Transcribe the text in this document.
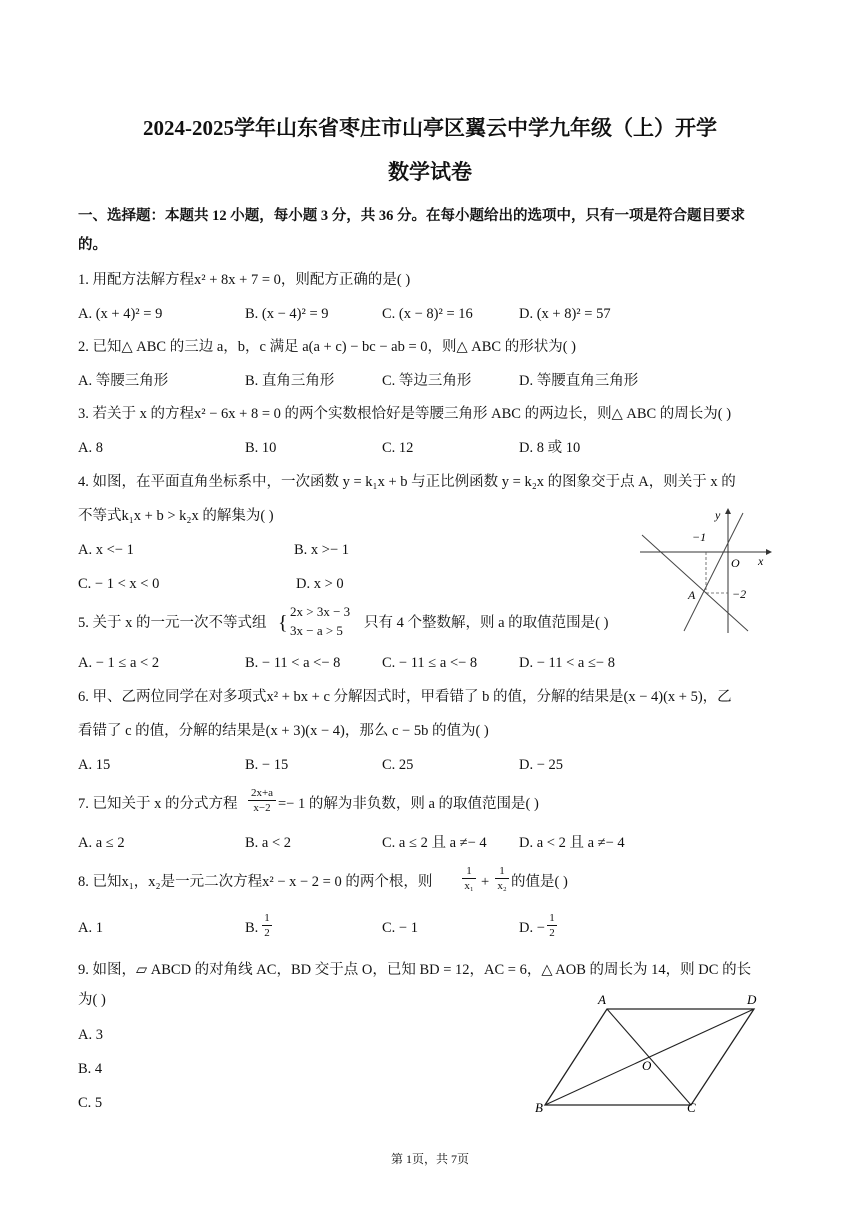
2024-2025学年山东省枣庄市山亭区翼云中学九年级（上）开学
数学试卷
一、选择题：本题共 12 小题，每小题 3 分，共 36 分。在每小题给出的选项中，只有一项是符合题目要求
的。
1. 用配方法解方程x² + 8x + 7 = 0，则配方正确的是( )
A. (x + 4)² = 9	B. (x − 4)² = 9	C. (x − 8)² = 16	D. (x + 8)² = 57
2. 已知△ ABC 的三边 a，b，c 满足 a(a + c) − bc − ab = 0，则△ ABC 的形状为( )
A. 等腰三角形	B. 直角三角形	C. 等边三角形	D. 等腰直角三角形
3. 若关于 x 的方程x² − 6x + 8 = 0 的两个实数根恰好是等腰三角形 ABC 的两边长，则△ ABC 的周长为( )
A. 8	B. 10	C. 12	D. 8 或 10
4. 如图，在平面直角坐标系中，一次函数 y = k₁x + b 与正比例函数 y = k₂x 的图象交于点 A，则关于 x 的
不等式k₁x + b > k₂x 的解集为( )
A. x <− 1	B. x >− 1
C. − 1 < x < 0	D. x > 0
y
x
O
−1
−2
A
5. 关于 x 的一元一次不等式组 {
2x > 3x − 3
3x − a > 5 只有 4 个整数解，则 a 的取值范围是( )
A. − 1 ≤ a < 2	B. − 11 < a <− 8	C. − 11 ≤ a <− 8	D. − 11 < a ≤− 8
6. 甲、乙两位同学在对多项式x² + bx + c 分解因式时，甲看错了 b 的值，分解的结果是(x − 4)(x + 5)，乙
看错了 c 的值，分解的结果是(x + 3)(x − 4)，那么 c − 5b 的值为( )
A. 15	B. − 15	C. 25	D. − 25
7. 已知关于 x 的分式方程 $\frac{2x+a}{x-2} =- 1$ 的解为非负数，则 a 的取值范围是( )
A. a ≤ 2	B. a < 2	C. a ≤ 2 且 a ≠− 4 D. a < 2 且 a ≠− 4
8. 已知x₁，x₂是一元二次方程x² − x − 2 = 0 的两个根，则	$\frac{1}{\text{x₁}} + \frac{1}{\text{x₂}}$ 的值是( )
A. 1	B. $\frac{1}{2}$	C. − 1	D. − $\frac{1}{2}$
9. 如图，▱ ABCD 的对角线 AC，BD 交于点 O，已知 BD = 12，AC = 6，△ AOB 的周长为 14，则 DC 的长
为( )
A. 3
B. 4
C. 5
A	D
B	C
O
第 1页，共 7页
